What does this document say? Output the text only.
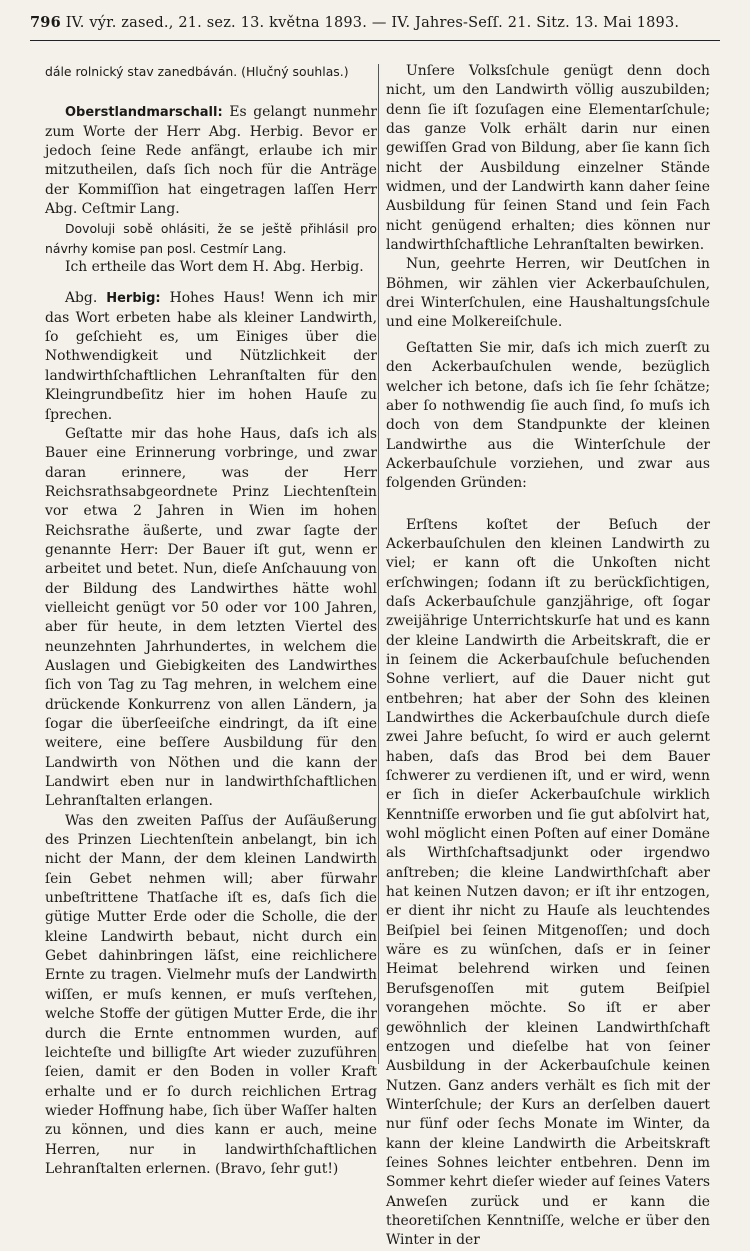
796 IV. výr. zased., 21. sez. 13. května 1893. — IV. Jahres-Seſſ. 21. Sitz. 13. Mai 1893.

dále rolnický stav zanedbáván. (Hlučný souhlas.)

Oberstlandmarschall: Es gelangt nunmehr zum Worte der Herr Abg. Herbig. Bevor er jedoch ſeine Rede anfängt, erlaube ich mir mitzutheilen, daſs ſich noch für die Anträge der Kommiſſion hat eingetragen laſſen Herr Abg. Ceſtmir Lang.

Dovoluji sobě ohlásiti, že se ještě přihlásil pro návrhy komise pan posl. Cestmír Lang.

Ich ertheile das Wort dem H. Abg. Herbig.

Abg. Herbig: Hohes Haus! Wenn ich mir das Wort erbeten habe als kleiner Landwirth, ſo geſchieht es, um Einiges über die Nothwendigkeit und Nützlichkeit der landwirthſchaftlichen Lehranſtalten für den Kleingrundbeſitz hier im hohen Hauſe zu ſprechen.

Geſtatte mir das hohe Haus, daſs ich als Bauer eine Erinnerung vorbringe, und zwar daran erinnere, was der Herr Reichsrathsabgeordnete Prinz Liechtenſtein vor etwa 2 Jahren in Wien im hohen Reichsrathe äußerte, und zwar ſagte der genannte Herr: Der Bauer iſt gut, wenn er arbeitet und betet. Nun, dieſe Anſchauung von der Bildung des Landwirthes hätte wohl vielleicht genügt vor 50 oder vor 100 Jahren, aber für heute, in dem letzten Viertel des neunzehnten Jahrhundertes, in welchem die Auslagen und Giebigkeiten des Landwirthes ſich von Tag zu Tag mehren, in welchem eine drückende Konkurrenz von allen Ländern, ja ſogar die überſeeiſche eindringt, da iſt eine weitere, eine beſſere Ausbildung für den Landwirth von Nöthen und die kann der Landwirt eben nur in landwirthſchaftlichen Lehranſtalten erlangen.

Was den zweiten Paſſus der Auſäußerung des Prinzen Liechtenſtein anbelangt, bin ich nicht der Mann, der dem kleinen Landwirth ſein Gebet nehmen will; aber fürwahr unbeſtrittene Thatſache iſt es, daſs ſich die gütige Mutter Erde oder die Scholle, die der kleine Landwirth bebaut, nicht durch ein Gebet dahinbringen läſst, eine reichlichere Ernte zu tragen. Vielmehr muſs der Landwirth wiſſen, er muſs kennen, er muſs verſtehen, welche Stoffe der gütigen Mutter Erde, die ihr durch die Ernte entnommen wurden, auf leichteſte und billigſte Art wieder zuzuführen ſeien, damit er den Boden in voller Kraft erhalte und er ſo durch reichlichen Ertrag wieder Hoffnung habe, ſich über Waſſer halten zu können, und dies kann er auch, meine Herren, nur in landwirthſchaftlichen Lehranſtalten erlernen. (Bravo, ſehr gut!)

Unſere Volksſchule genügt denn doch nicht, um den Landwirth völlig auszubilden; denn ſie iſt ſozuſagen eine Elementarſchule; das ganze Volk erhält darin nur einen gewiſſen Grad von Bildung, aber ſie kann ſich nicht der Ausbildung einzelner Stände widmen, und der Landwirth kann daher ſeine Ausbildung für ſeinen Stand und ſein Fach nicht genügend erhalten; dies können nur landwirthſchaftliche Lehranſtalten bewirken.

Nun, geehrte Herren, wir Deutſchen in Böhmen, wir zählen vier Ackerbauſchulen, drei Winterſchulen, eine Haushaltungsſchule und eine Molkereiſchule.

Geſtatten Sie mir, daſs ich mich zuerſt zu den Ackerbauſchulen wende, bezüglich welcher ich betone, daſs ich ſie ſehr ſchätze; aber ſo nothwendig ſie auch ſind, ſo muſs ich doch von dem Standpunkte der kleinen Landwirthe aus die Winterſchule der Ackerbauſchule vorziehen, und zwar aus folgenden Gründen:

Erſtens koſtet der Beſuch der Ackerbauſchulen den kleinen Landwirth zu viel; er kann oft die Unkoſten nicht erſchwingen; ſodann iſt zu berückſichtigen, daſs Ackerbauſchule ganzjährige, oft ſogar zweijährige Unterrichtskurſe hat und es kann der kleine Landwirth die Arbeitskraft, die er in ſeinem die Ackerbauſchule beſuchenden Sohne verliert, auf die Dauer nicht gut entbehren; hat aber der Sohn des kleinen Landwirthes die Ackerbauſchule durch dieſe zwei Jahre beſucht, ſo wird er auch gelernt haben, daſs das Brod bei dem Bauer ſchwerer zu verdienen iſt, und er wird, wenn er ſich in dieſer Ackerbauſchule wirklich Kenntniſſe erworben und ſie gut abſolvirt hat, wohl möglicht einen Poſten auf einer Domäne als Wirthſchaftsadjunkt oder irgendwo anſtreben; die kleine Landwirthſchaft aber hat keinen Nutzen davon; er iſt ihr entzogen, er dient ihr nicht zu Hauſe als leuchtendes Beiſpiel bei ſeinen Mitgenoſſen; und doch wäre es zu wünſchen, daſs er in ſeiner Heimat belehrend wirken und ſeinen Berufsgenoſſen mit gutem Beiſpiel vorangehen möchte. So iſt er aber gewöhnlich der kleinen Landwirthſchaft entzogen und dieſelbe hat von ſeiner Ausbildung in der Ackerbauſchule keinen Nutzen. Ganz anders verhält es ſich mit der Winterſchule; der Kurs an derſelben dauert nur fünf oder ſechs Monate im Winter, da kann der kleine Landwirth die Arbeitskraft ſeines Sohnes leichter entbehren. Denn im Sommer kehrt dieſer wieder auf ſeines Vaters Anweſen zurück und er kann die theoretiſchen Kenntniſſe, welche er über den Winter in der
